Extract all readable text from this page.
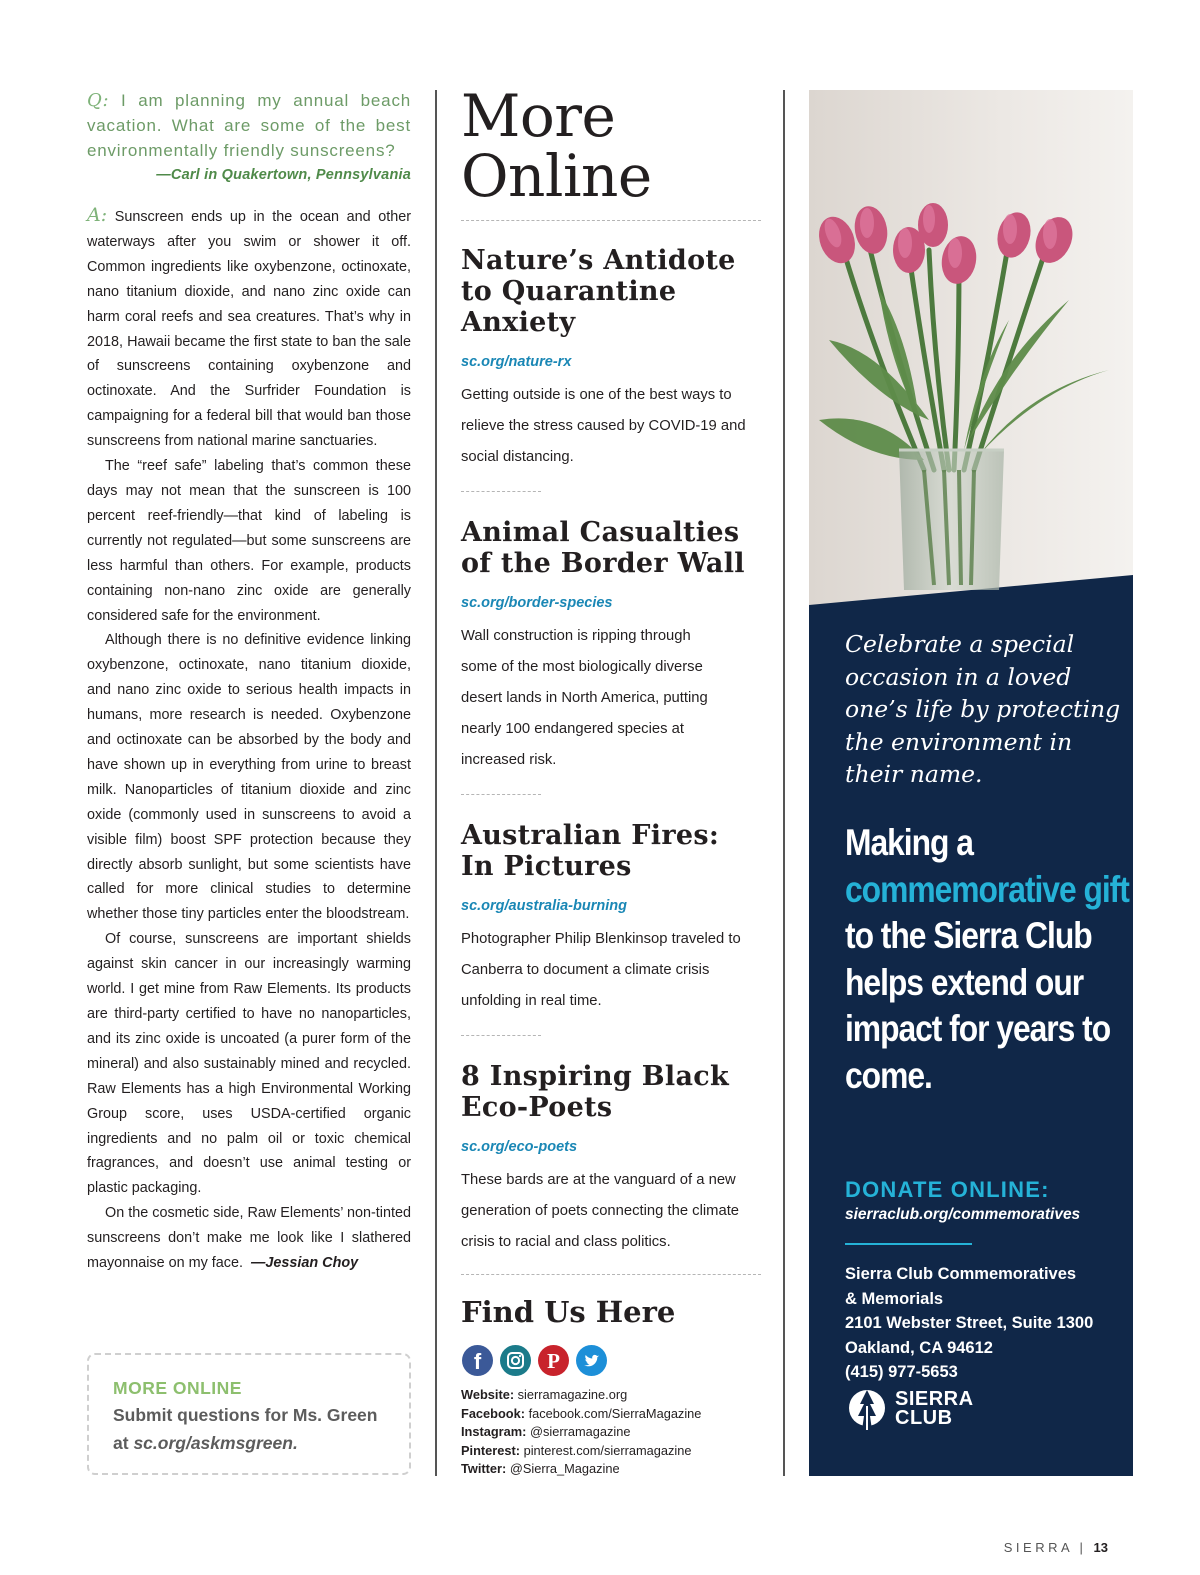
Q: I am planning my annual beach vacation. What are some of the best environmentally friendly sunscreens?
—Carl in Quakertown, Pennsylvania

A: Sunscreen ends up in the ocean and other waterways after you swim or shower it off. Common ingredients like oxybenzone, octinoxate, nano titanium dioxide, and nano zinc oxide can harm coral reefs and sea creatures. That’s why in 2018, Hawaii became the first state to ban the sale of sunscreens containing oxybenzone and octinoxate. And the Surfrider Foundation is campaigning for a federal bill that would ban those sunscreens from national marine sanctuaries.

The “reef safe” labeling that’s common these days may not mean that the sunscreen is 100 percent reef-friendly—that kind of labeling is currently not regulated—but some sunscreens are less harmful than others. For example, products containing non-nano zinc oxide are generally considered safe for the environment.

Although there is no definitive evidence linking oxybenzone, octinoxate, nano titanium dioxide, and nano zinc oxide to serious health impacts in humans, more research is needed. Oxybenzone and octinoxate can be absorbed by the body and have shown up in everything from urine to breast milk. Nanoparticles of titanium dioxide and zinc oxide (commonly used in sunscreens to avoid a visible film) boost SPF protection because they directly absorb sunlight, but some scientists have called for more clinical studies to determine whether those tiny particles enter the bloodstream.

Of course, sunscreens are important shields against skin cancer in our increasingly warming world. I get mine from Raw Elements. Its products are third-party certified to have no nanoparticles, and its zinc oxide is uncoated (a purer form of the mineral) and also sustainably mined and recycled. Raw Elements has a high Environmental Working Group score, uses USDA-certified organic ingredients and no palm oil or toxic chemical fragrances, and doesn’t use animal testing or plastic packaging.

On the cosmetic side, Raw Elements’ non-tinted sunscreens don’t make me look like I slathered mayonnaise on my face. —Jessian Choy

MORE ONLINE
Submit questions for Ms. Green at sc.org/askmsgreen.
More
Online
Nature’s Antidote to Quarantine Anxiety
sc.org/nature-rx

Getting outside is one of the best ways to relieve the stress caused by COVID-19 and social distancing.

Animal Casualties of the Border Wall
sc.org/border-species

Wall construction is ripping through some of the most biologically diverse desert lands in North America, putting nearly 100 endangered species at increased risk.

Australian Fires: In Pictures
sc.org/australia-burning

Photographer Philip Blenkinsop traveled to Canberra to document a climate crisis unfolding in real time.

8 Inspiring Black Eco-Poets
sc.org/eco-poets

These bards are at the vanguard of a new generation of poets connecting the climate crisis to racial and class politics.

Find Us Here
f	P
Website: sierramagazine.org
Facebook: facebook.com/SierraMagazine
Instagram: @sierramagazine
Pinterest: pinterest.com/sierramagazine
Twitter: @Sierra_Magazine
Celebrate a special occasion in a loved one’s life by protecting the environment in their name.
Making a commemorative gift to the Sierra Club helps extend our impact for years to come.
DONATE ONLINE:
sierraclub.org/commemoratives
Sierra Club Commemoratives
& Memorials
2101 Webster Street, Suite 1300
Oakland, CA 94612
(415) 977-5653
SIERRA
CLUB
SIERRA | 13
